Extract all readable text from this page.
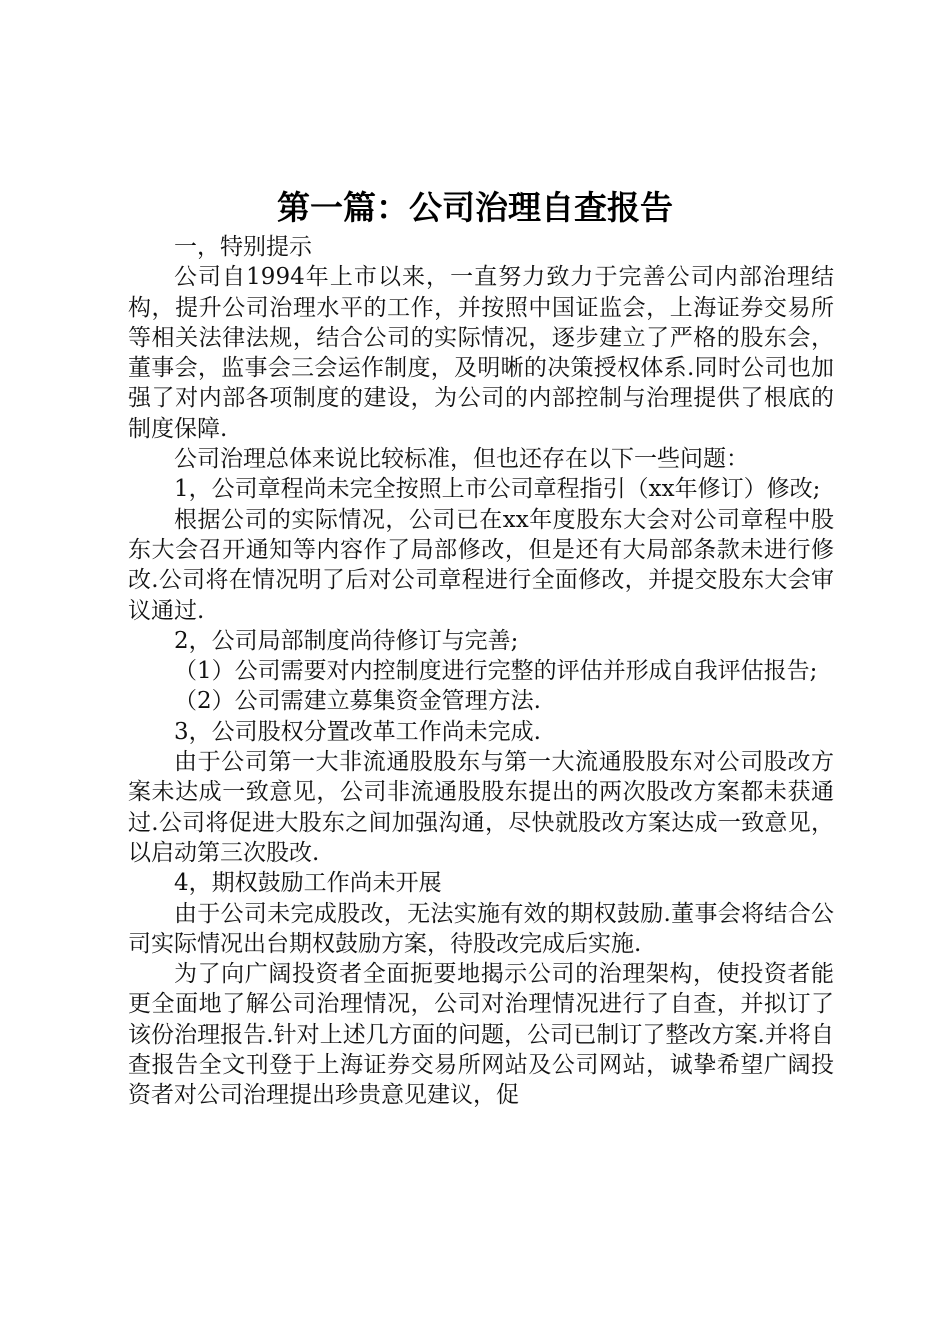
第一篇：公司治理自查报告

一，特别提示

公司自1994年上市以来，一直努力致力于完善公司内部治理结构，提升公司治理水平的工作，并按照中国证监会，上海证券交易所等相关法律法规，结合公司的实际情况，逐步建立了严格的股东会，董事会，监事会三会运作制度，及明晰的决策授权体系.同时公司也加强了对内部各项制度的建设，为公司的内部控制与治理提供了根底的制度保障.

公司治理总体来说比较标准，但也还存在以下一些问题：

1，公司章程尚未完全按照上市公司章程指引（xx年修订）修改;

根据公司的实际情况，公司已在xx年度股东大会对公司章程中股东大会召开通知等内容作了局部修改，但是还有大局部条款未进行修改.公司将在情况明了后对公司章程进行全面修改，并提交股东大会审议通过.

2，公司局部制度尚待修订与完善;

（1）公司需要对内控制度进行完整的评估并形成自我评估报告;

（2）公司需建立募集资金管理方法.

3，公司股权分置改革工作尚未完成.

由于公司第一大非流通股股东与第一大流通股股东对公司股改方案未达成一致意见，公司非流通股股东提出的两次股改方案都未获通过.公司将促进大股东之间加强沟通，尽快就股改方案达成一致意见，以启动第三次股改.

4，期权鼓励工作尚未开展

由于公司未完成股改，无法实施有效的期权鼓励.董事会将结合公司实际情况出台期权鼓励方案，待股改完成后实施.

为了向广阔投资者全面扼要地揭示公司的治理架构，使投资者能更全面地了解公司治理情况，公司对治理情况进行了自查，并拟订了该份治理报告.针对上述几方面的问题，公司已制订了整改方案.并将自查报告全文刊登于上海证券交易所网站及公司网站，诚挚希望广阔投资者对公司治理提出珍贵意见建议，促
